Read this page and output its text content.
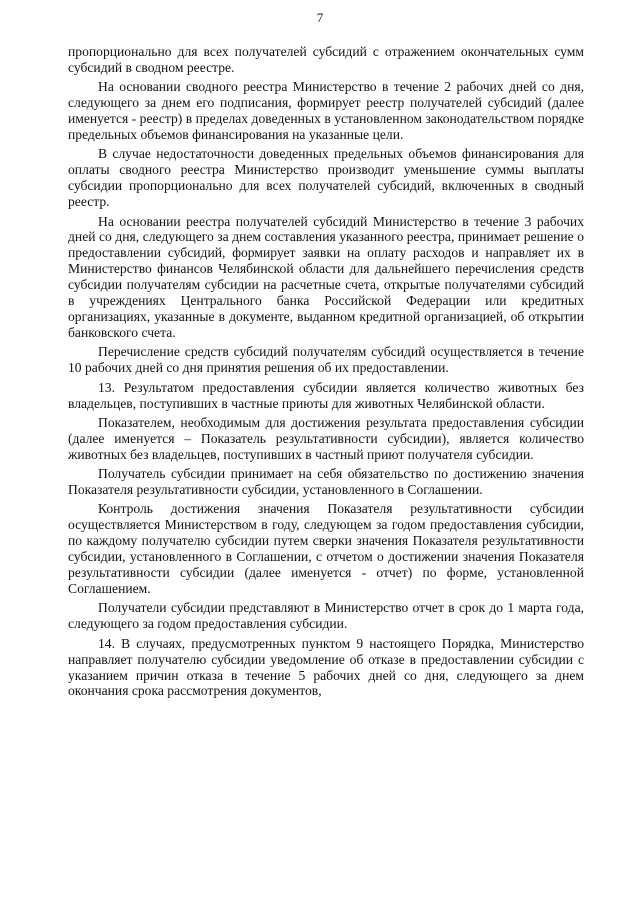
7

пропорционально для всех получателей субсидий с отражением окончательных сумм субсидий в сводном реестре.

На основании сводного реестра Министерство в течение 2 рабочих дней со дня, следующего за днем его подписания, формирует реестр получателей субсидий (далее именуется - реестр) в пределах доведенных в установленном законодательством порядке предельных объемов финансирования на указанные цели.

В случае недостаточности доведенных предельных объемов финансирования для оплаты сводного реестра Министерство производит уменьшение суммы выплаты субсидии пропорционально для всех получателей субсидий, включенных в сводный реестр.

На основании реестра получателей субсидий Министерство в течение 3 рабочих дней со дня, следующего за днем составления указанного реестра, принимает решение о предоставлении субсидий, формирует заявки на оплату расходов и направляет их в Министерство финансов Челябинской области для дальнейшего перечисления средств субсидии получателям субсидии на расчетные счета, открытые получателями субсидий в учреждениях Центрального банка Российской Федерации или кредитных организациях, указанные в документе, выданном кредитной организацией, об открытии банковского счета.

Перечисление средств субсидий получателям субсидий осуществляется в течение 10 рабочих дней со дня принятия решения об их предоставлении.

13. Результатом предоставления субсидии является количество животных без владельцев, поступивших в частные приюты для животных Челябинской области.

Показателем, необходимым для достижения результата предоставления субсидии (далее именуется – Показатель результативности субсидии), является количество животных без владельцев, поступивших в частный приют получателя субсидии.

Получатель субсидии принимает на себя обязательство по достижению значения Показателя результативности субсидии, установленного в Соглашении.

Контроль достижения значения Показателя результативности субсидии осуществляется Министерством в году, следующем за годом предоставления субсидии, по каждому получателю субсидии путем сверки значения Показателя результативности субсидии, установленного в Соглашении, с отчетом о достижении значения Показателя результативности субсидии (далее именуется - отчет) по форме, установленной Соглашением.

Получатели субсидии представляют в Министерство отчет в срок до 1 марта года, следующего за годом предоставления субсидии.

14. В случаях, предусмотренных пунктом 9 настоящего Порядка, Министерство направляет получателю субсидии уведомление об отказе в предоставлении субсидии с указанием причин отказа в течение 5 рабочих дней со дня, следующего за днем окончания срока рассмотрения документов,
